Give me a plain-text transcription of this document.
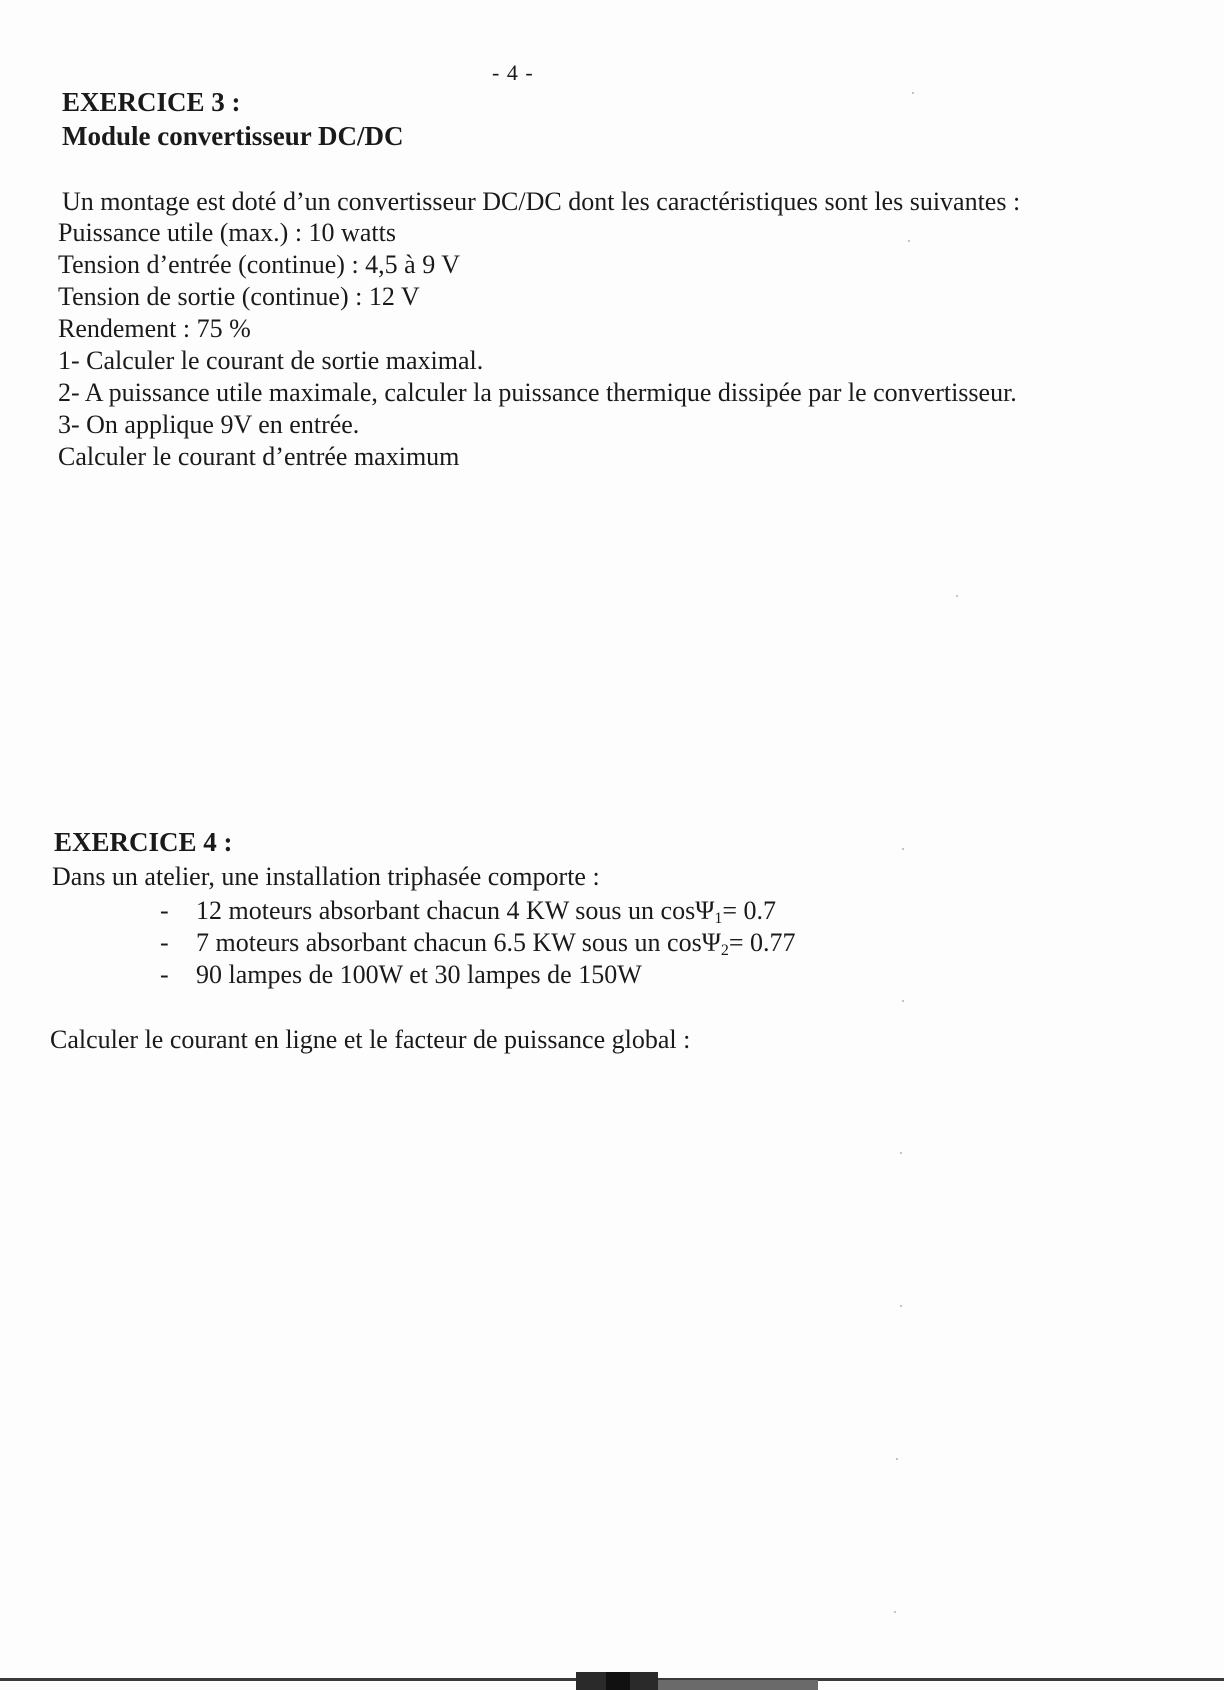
- 4 -
EXERCICE 3 :
Module convertisseur DC/DC
Un montage est doté d’un convertisseur DC/DC dont les caractéristiques sont les suivantes :
Puissance utile (max.) : 10 watts
Tension d’entrée (continue) : 4,5 à 9 V
Tension de sortie (continue) : 12 V
Rendement : 75 %
1- Calculer le courant de sortie maximal.
2- A puissance utile maximale, calculer la puissance thermique dissipée par le convertisseur.
3- On applique 9V en entrée.
Calculer le courant d’entrée maximum
EXERCICE 4 :
Dans un atelier, une installation triphasée comporte :
- 12 moteurs absorbant chacun 4 KW sous un cosΨ$_1$= 0.7
- 7 moteurs absorbant chacun 6.5 KW sous un cosΨ$_2$= 0.77
- 90 lampes de 100W et 30 lampes de 150W
Calculer le courant en ligne et le facteur de puissance global :
